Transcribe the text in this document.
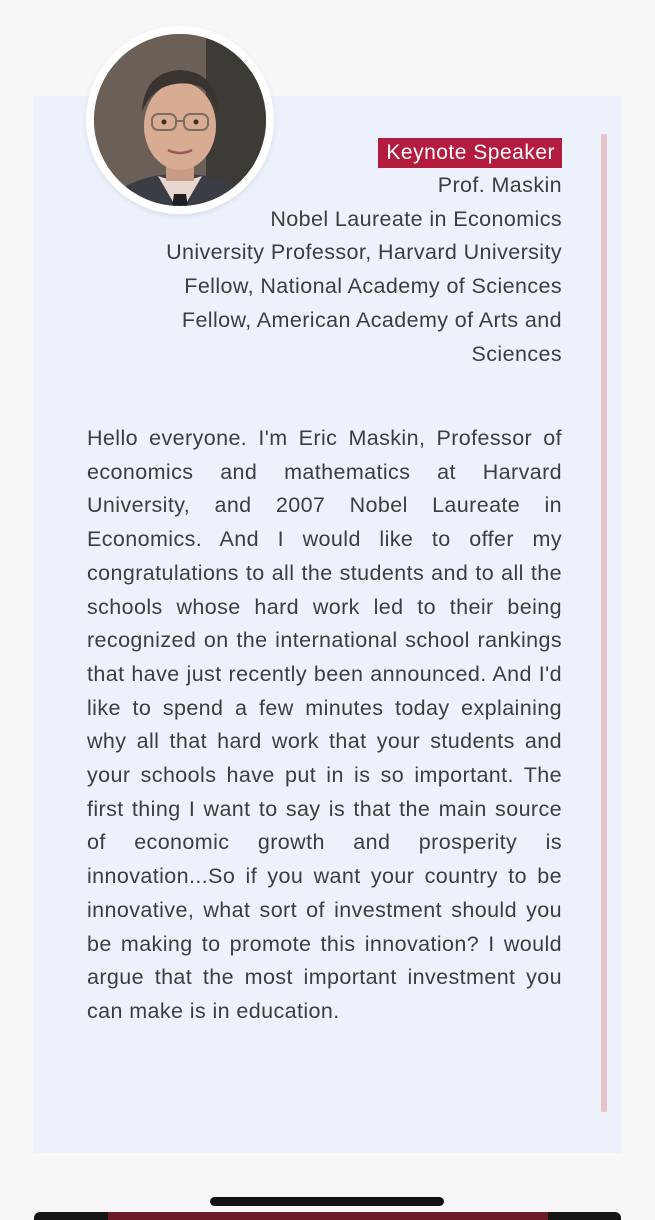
Keynote Speaker
Prof. Maskin
Nobel Laureate in Economics
University Professor, Harvard University
Fellow, National Academy of Sciences
Fellow, American Academy of Arts and Sciences

Hello everyone. I'm Eric Maskin, Professor of economics and mathematics at Harvard University, and 2007 Nobel Laureate in Economics. And I would like to offer my congratulations to all the students and to all the schools whose hard work led to their being recognized on the international school rankings that have just recently been announced. And I'd like to spend a few minutes today explaining why all that hard work that your students and your schools have put in is so important. The first thing I want to say is that the main source of economic growth and prosperity is innovation...So if you want your country to be innovative, what sort of investment should you be making to promote this innovation? I would argue that the most important investment you can make is in education.
